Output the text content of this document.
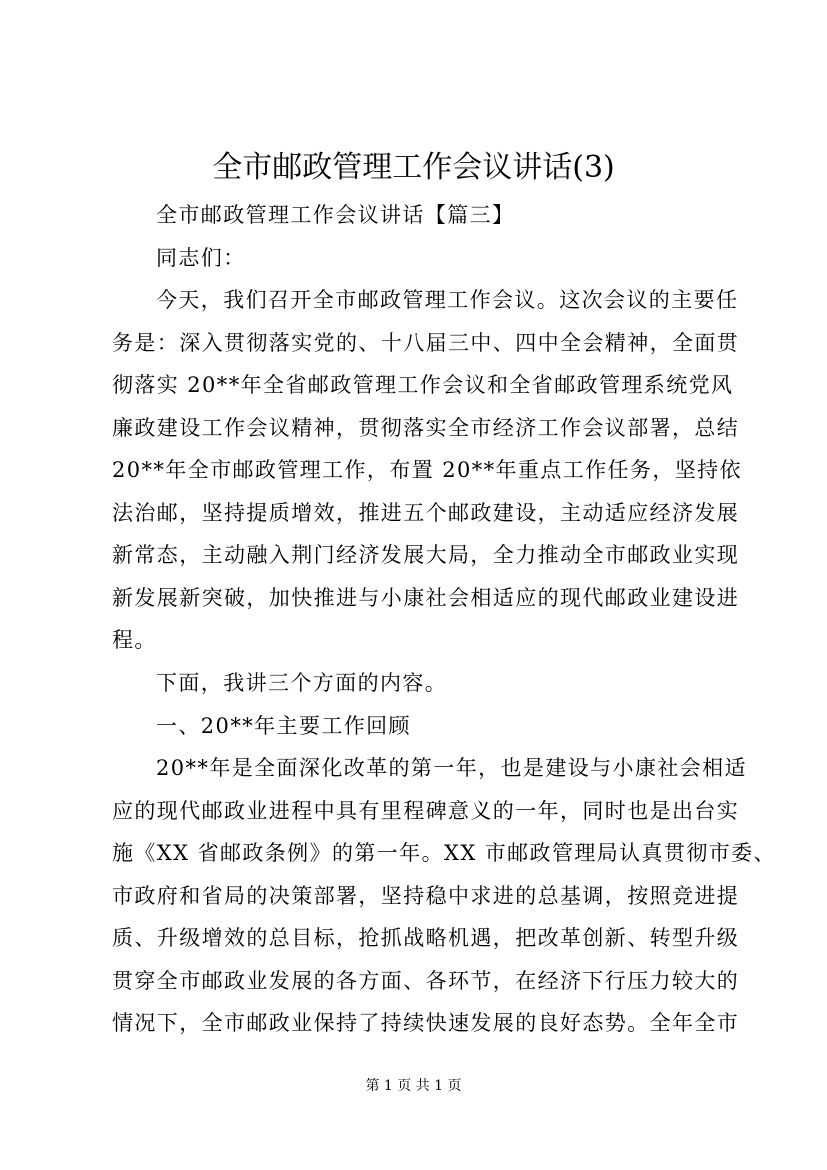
全市邮政管理工作会议讲话(3)
全市邮政管理工作会议讲话【篇三】
同志们：
今天，我们召开全市邮政管理工作会议。这次会议的主要任
务是：深入贯彻落实党的、十八届三中、四中全会精神，全面贯
彻落实 20**年全省邮政管理工作会议和全省邮政管理系统党风
廉政建设工作会议精神，贯彻落实全市经济工作会议部署，总结
20**年全市邮政管理工作，布置 20**年重点工作任务，坚持依
法治邮，坚持提质增效，推进五个邮政建设，主动适应经济发展
新常态，主动融入荆门经济发展大局，全力推动全市邮政业实现
新发展新突破，加快推进与小康社会相适应的现代邮政业建设进
程。
下面，我讲三个方面的内容。
一、20**年主要工作回顾
20**年是全面深化改革的第一年，也是建设与小康社会相适
应的现代邮政业进程中具有里程碑意义的一年，同时也是出台实
施《XX 省邮政条例》的第一年。XX 市邮政管理局认真贯彻市委、
市政府和省局的决策部署，坚持稳中求进的总基调，按照竞进提
质、升级增效的总目标，抢抓战略机遇，把改革创新、转型升级
贯穿全市邮政业发展的各方面、各环节，在经济下行压力较大的
情况下，全市邮政业保持了持续快速发展的良好态势。全年全市
第 1 页 共 1 页
